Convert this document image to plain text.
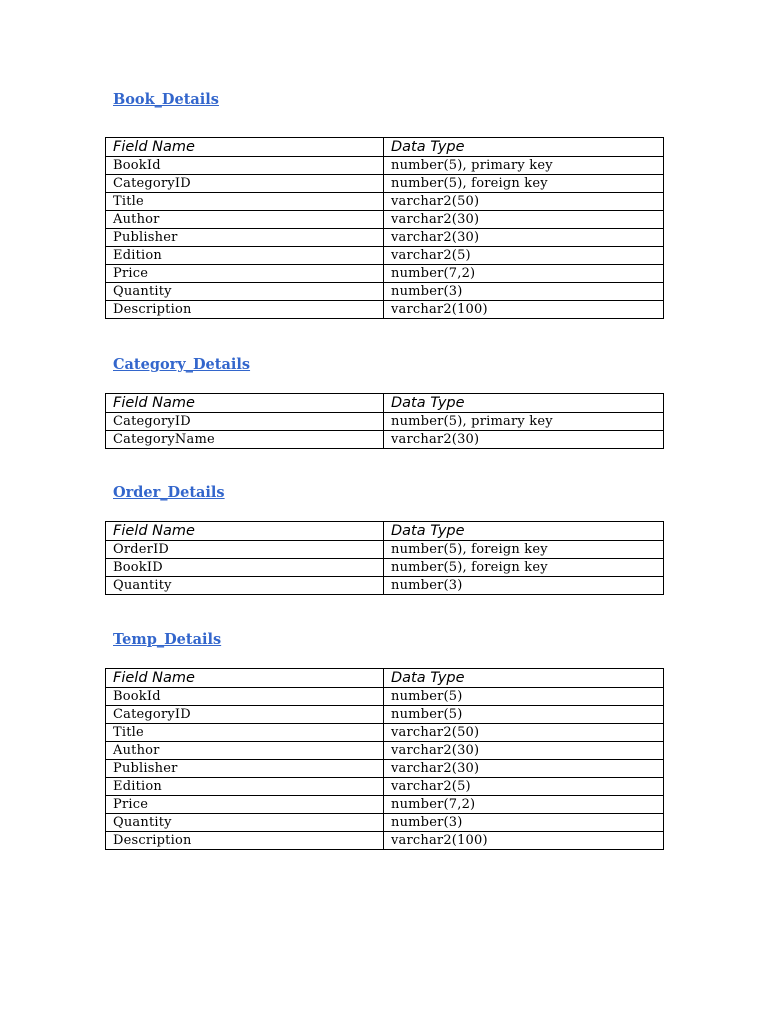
Book_Details
Field Name	Data Type
BookId	number(5), primary key
CategoryID	number(5), foreign key
Title	varchar2(50)
Author	varchar2(30)
Publisher	varchar2(30)
Edition	varchar2(5)
Price	number(7,2)
Quantity	number(3)
Description	varchar2(100)
Category_Details
Field Name	Data Type
CategoryID	number(5), primary key
CategoryName	varchar2(30)
Order_Details
Field Name	Data Type
OrderID	number(5), foreign key
BookID	number(5), foreign key
Quantity	number(3)
Temp_Details
Field Name	Data Type
BookId	number(5)
CategoryID	number(5)
Title	varchar2(50)
Author	varchar2(30)
Publisher	varchar2(30)
Edition	varchar2(5)
Price	number(7,2)
Quantity	number(3)
Description	varchar2(100)
